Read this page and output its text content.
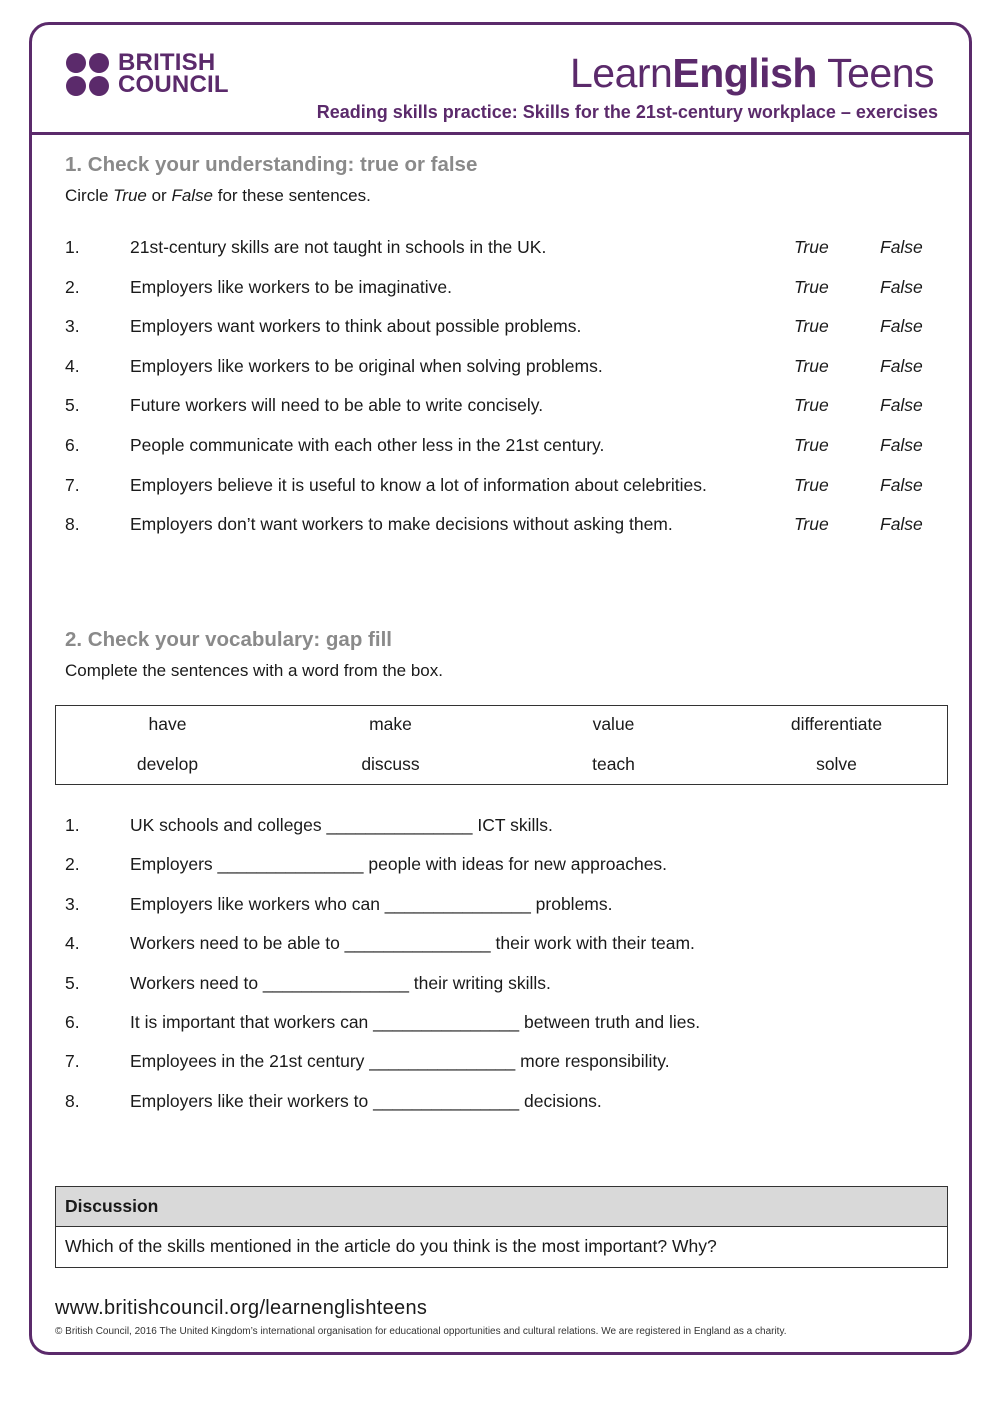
BRITISH
COUNCIL	LearnEnglish Teens
Reading skills practice: Skills for the 21st-century workplace – exercises
1. Check your understanding: true or false
Circle True or False for these sentences.
1.	21st-century skills are not taught in schools in the UK.	True	False
2.	Employers like workers to be imaginative.	True	False
3.	Employers want workers to think about possible problems.	True	False
4.	Employers like workers to be original when solving problems.	True	False
5.	Future workers will need to be able to write concisely.	True	False
6.	People communicate with each other less in the 21st century.	True	False
7.	Employers believe it is useful to know a lot of information about celebrities.	True	False
8.	Employers don’t want workers to make decisions without asking them.	True	False
2. Check your vocabulary: gap fill
Complete the sentences with a word from the box.
have	make	value	differentiate
develop	discuss	teach	solve
1.	UK schools and colleges _______________ ICT skills.
2.	Employers _______________ people with ideas for new approaches.
3.	Employers like workers who can _______________ problems.
4.	Workers need to be able to _______________ their work with their team.
5.	Workers need to _______________ their writing skills.
6.	It is important that workers can _______________ between truth and lies.
7.	Employees in the 21st century _______________ more responsibility.
8.	Employers like their workers to _______________ decisions.
Discussion
Which of the skills mentioned in the article do you think is the most important? Why?
www.britishcouncil.org/learnenglishteens
© British Council, 2016 The United Kingdom’s international organisation for educational opportunities and cultural relations. We are registered in England as a charity.
